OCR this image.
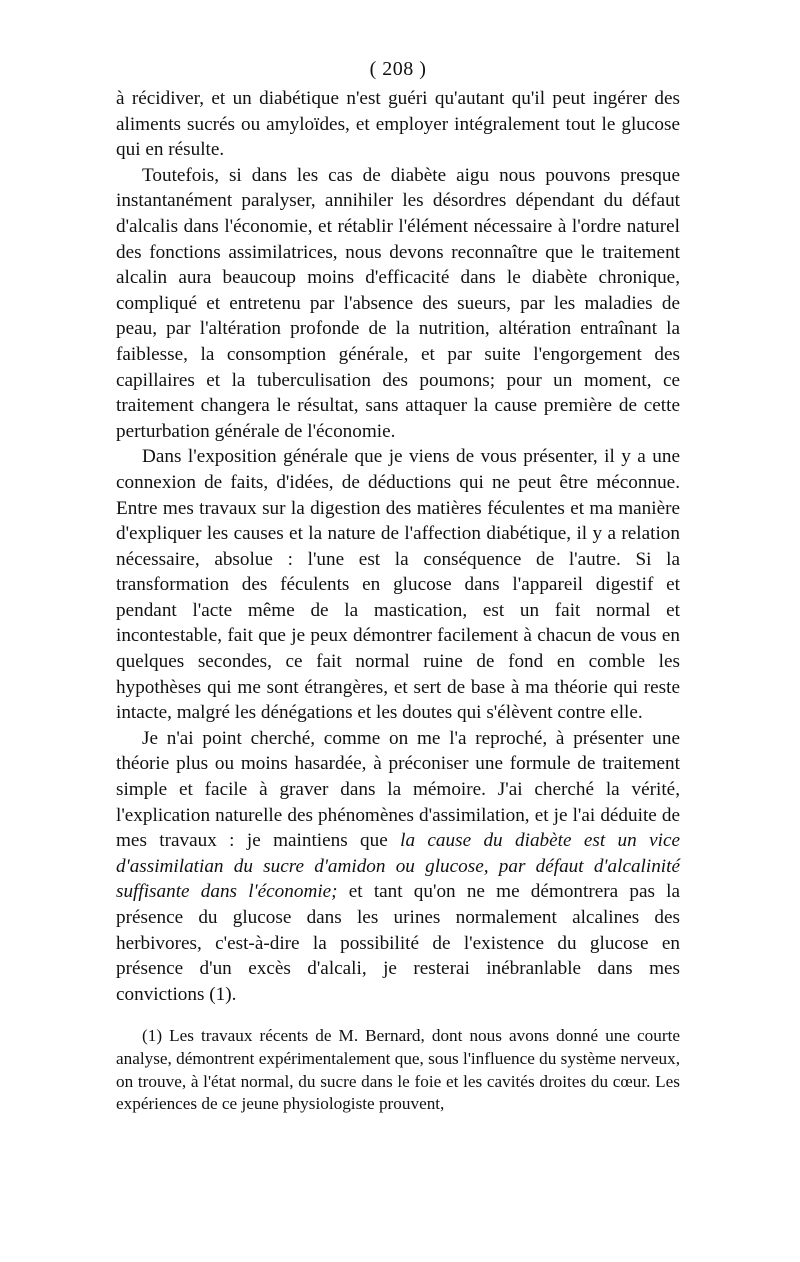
( 208 )

à récidiver, et un diabétique n'est guéri qu'autant qu'il peut ingérer des aliments sucrés ou amyloïdes, et employer intégralement tout le glucose qui en résulte.

Toutefois, si dans les cas de diabète aigu nous pouvons presque instantanément paralyser, annihiler les désordres dépendant du défaut d'alcalis dans l'économie, et rétablir l'élément nécessaire à l'ordre naturel des fonctions assimilatrices, nous devons reconnaître que le traitement alcalin aura beaucoup moins d'efficacité dans le diabète chronique, compliqué et entretenu par l'absence des sueurs, par les maladies de peau, par l'altération profonde de la nutrition, altération entraînant la faiblesse, la consomption générale, et par suite l'engorgement des capillaires et la tuberculisation des poumons; pour un moment, ce traitement changera le résultat, sans attaquer la cause première de cette perturbation générale de l'économie.

Dans l'exposition générale que je viens de vous présenter, il y a une connexion de faits, d'idées, de déductions qui ne peut être méconnue. Entre mes travaux sur la digestion des matières féculentes et ma manière d'expliquer les causes et la nature de l'affection diabétique, il y a relation nécessaire, absolue : l'une est la conséquence de l'autre. Si la transformation des féculents en glucose dans l'appareil digestif et pendant l'acte même de la mastication, est un fait normal et incontestable, fait que je peux démontrer facilement à chacun de vous en quelques secondes, ce fait normal ruine de fond en comble les hypothèses qui me sont étrangères, et sert de base à ma théorie qui reste intacte, malgré les dénégations et les doutes qui s'élèvent contre elle.

Je n'ai point cherché, comme on me l'a reproché, à présenter une théorie plus ou moins hasardée, à préconiser une formule de traitement simple et facile à graver dans la mémoire. J'ai cherché la vérité, l'explication naturelle des phénomènes d'assimilation, et je l'ai déduite de mes travaux : je maintiens que la cause du diabète est un vice d'assimilatian du sucre d'amidon ou glucose, par défaut d'alcalinité suffisante dans l'économie; et tant qu'on ne me démontrera pas la présence du glucose dans les urines normalement alcalines des herbivores, c'est-à-dire la possibilité de l'existence du glucose en présence d'un excès d'alcali, je resterai inébranlable dans mes convictions (1).

(1) Les travaux récents de M. Bernard, dont nous avons donné une courte analyse, démontrent expérimentalement que, sous l'influence du système nerveux, on trouve, à l'état normal, du sucre dans le foie et les cavités droites du cœur. Les expériences de ce jeune physiologiste prouvent,
